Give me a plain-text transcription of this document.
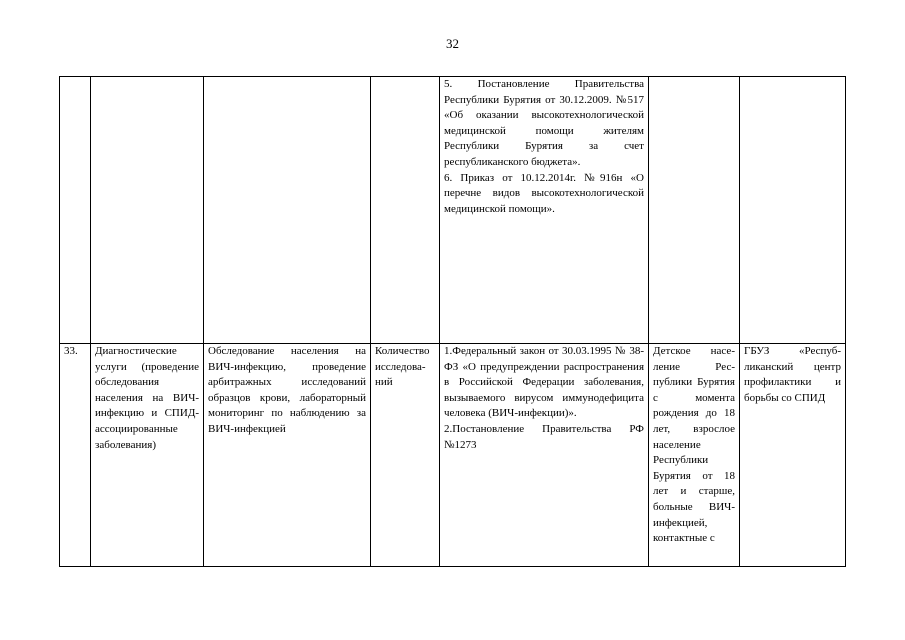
32

				5. Постановление Правительства Республики Бурятия от 30.12.2009. №517 «Об оказании высокотехнологической медицинской помощи жителям Республики Бурятия за счет республиканского бюджета».
6. Приказ от 10.12.2014г. №916н «О перечне видов высокотехнологической медицинской помощи».		

33.	Диагностические услуги (проведение обследования населения на ВИЧ-инфекцию и СПИД-ассоциированные заболевания)	Обследование населения на ВИЧ-инфекцию, проведение арбитражных исследований образцов крови, лабораторный мониторинг по наблюдению за ВИЧ-инфекцией	Количество исследований	1.Федеральный закон от 30.03.1995 № 38-ФЗ «О предупреждении распространения в Российской Федерации заболевания, вызываемого вирусом иммунодефицита человека (ВИЧ-инфекции)».
2.Постановление Правительства РФ №1273	Детское население Республики Бурятия с момента рождения до 18 лет, взрослое население Республики Бурятия от 18 лет и старше, больные ВИЧ-инфекцией, контактные с	ГБУЗ «Республиканский центр профилактики и борьбы со СПИД
